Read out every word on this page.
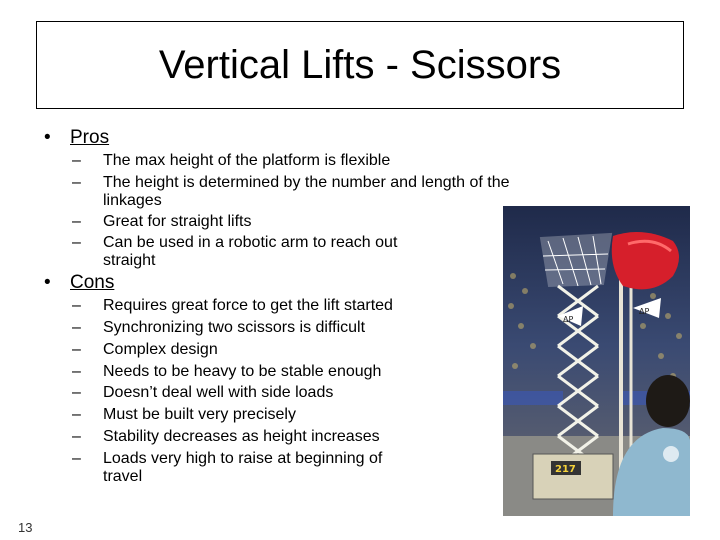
Vertical Lifts - Scissors
• Pros
– The max height of the platform is flexible
– The height is determined by the number and length of the linkages
– Great for straight lifts
– Can be used in a robotic arm to reach out straight
• Cons
– Requires great force to get the lift started
– Synchronizing two scissors is difficult
– Complex design
– Needs to be heavy to be stable enough
– Doesn’t deal well with side loads
– Must be built very precisely
– Stability decreases as height increases
– Loads very high to raise at beginning of travel
ΔP
ΔP
217
13
